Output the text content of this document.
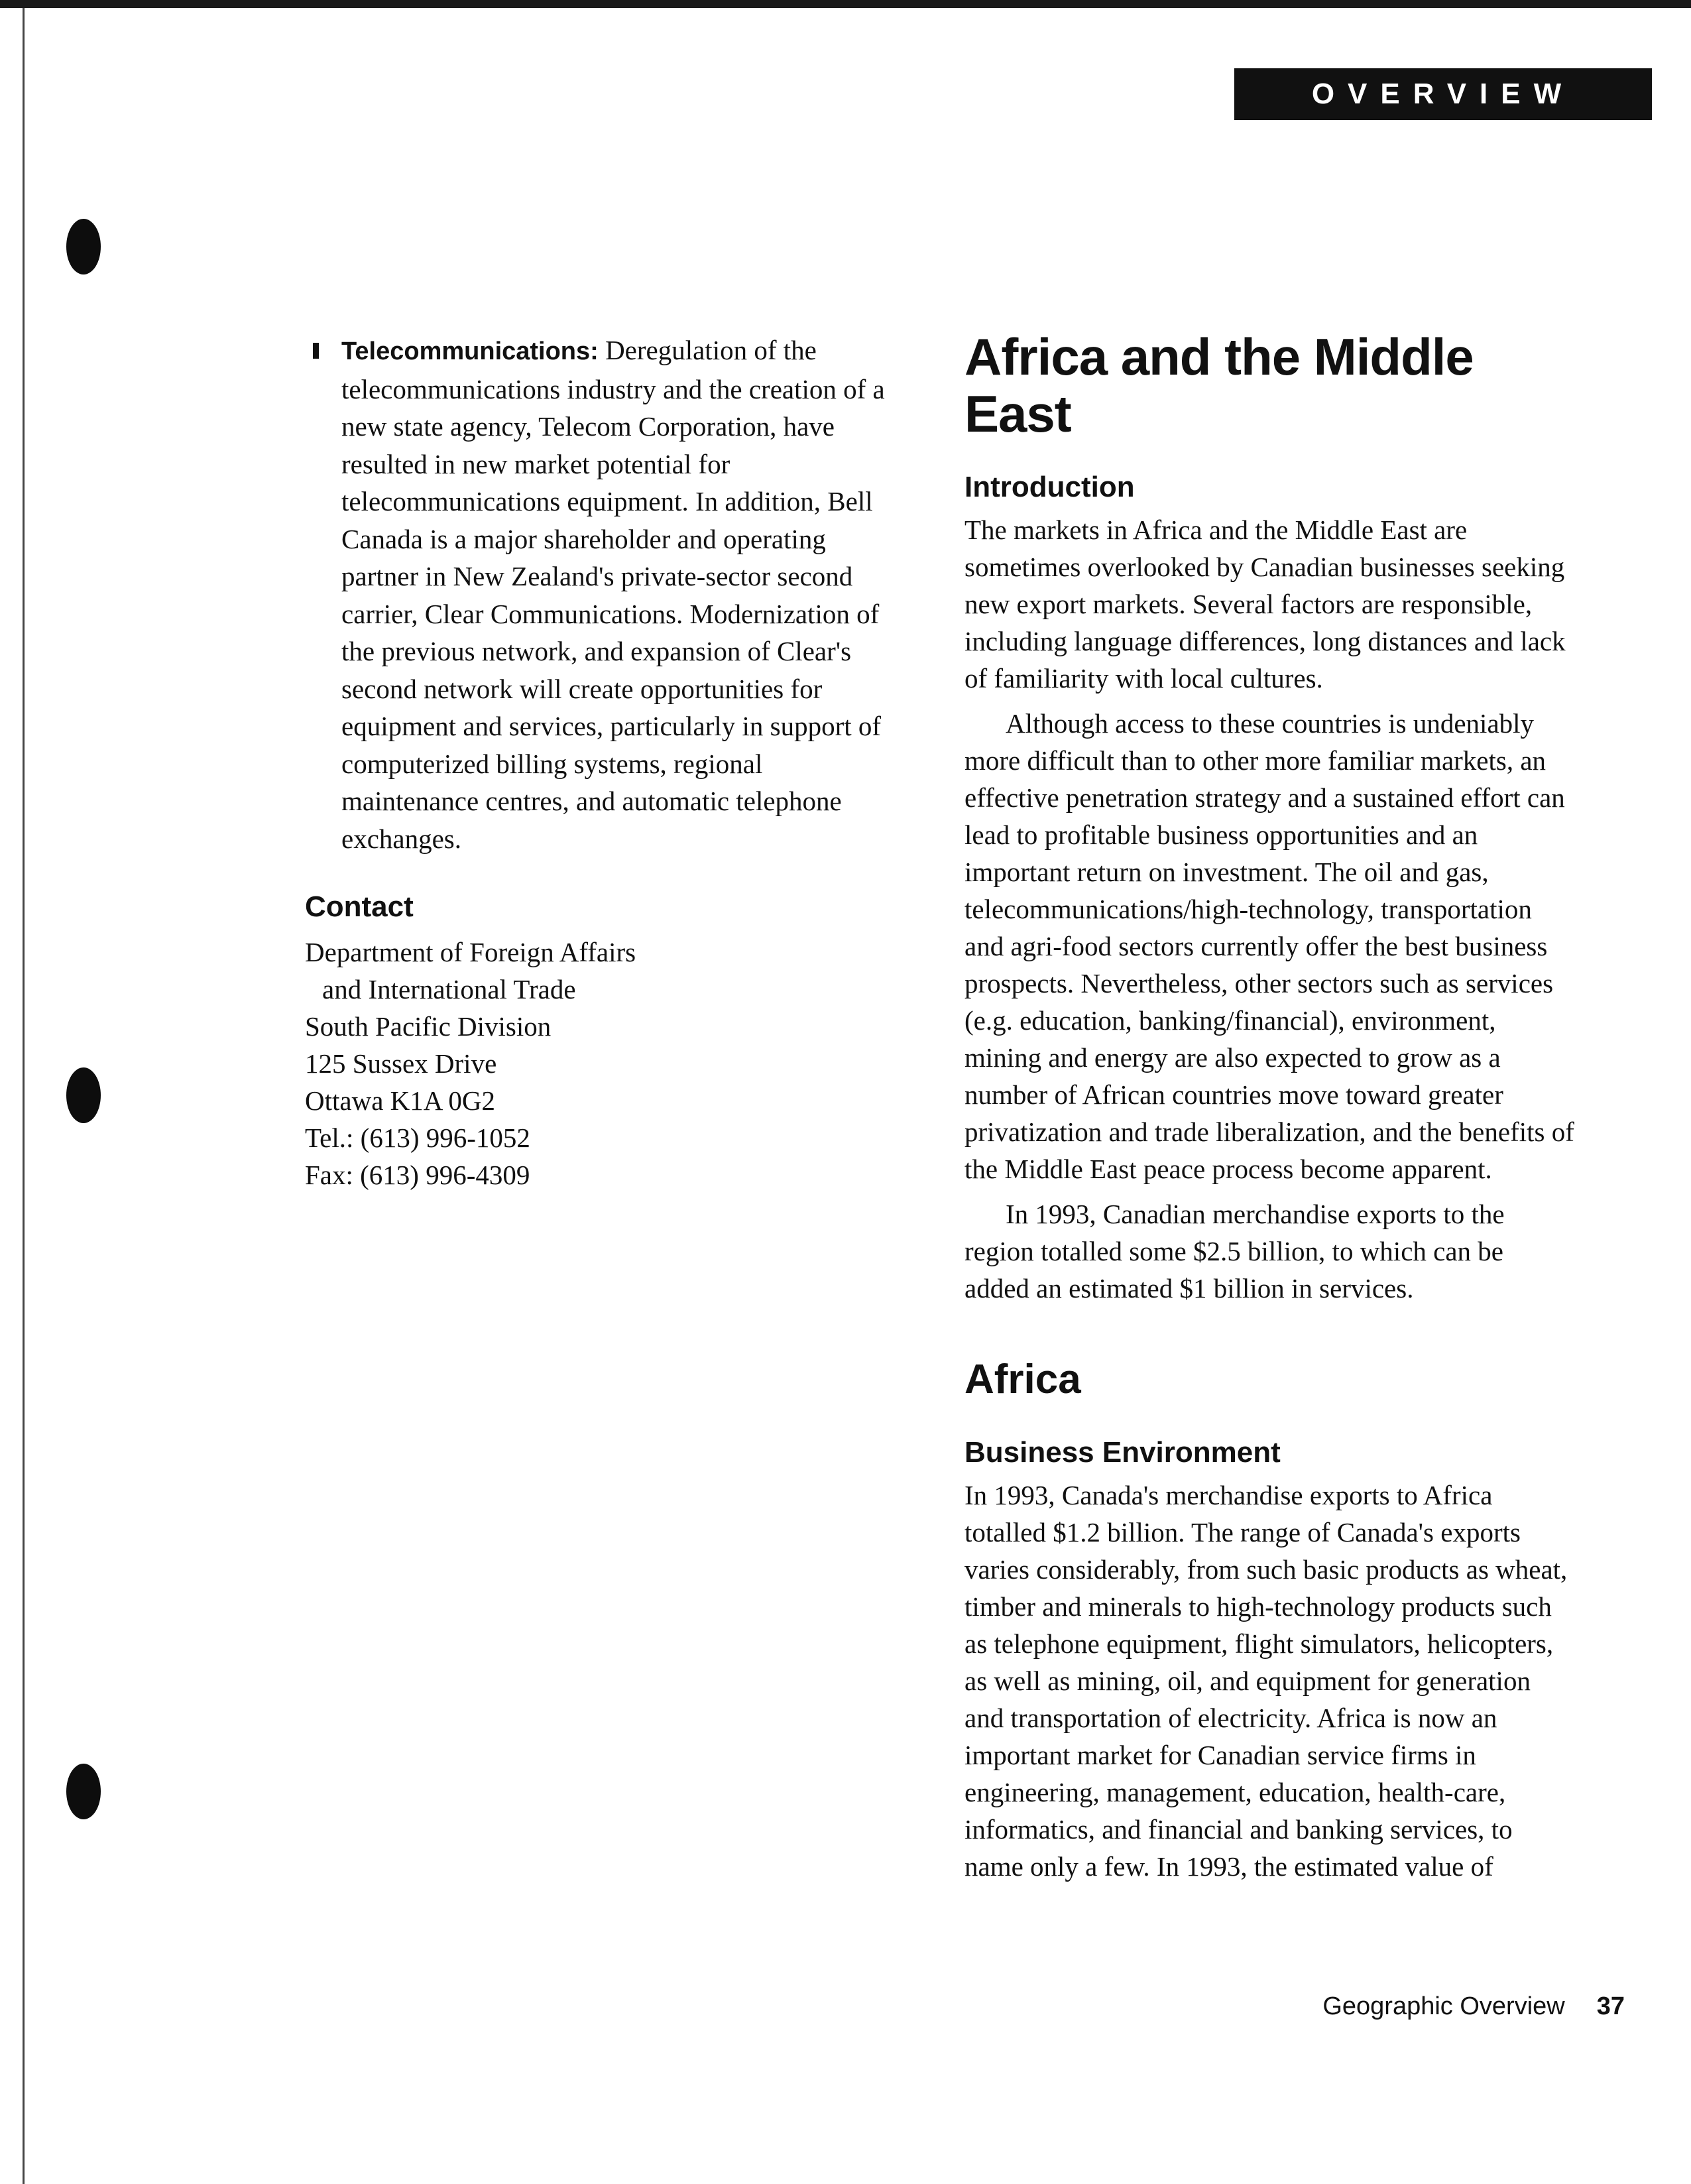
OVERVIEW
Telecommunications: Deregulation of the telecommunications industry and the creation of a new state agency, Telecom Corporation, have resulted in new market potential for telecommunications equipment. In addition, Bell Canada is a major shareholder and operating partner in New Zealand's private-sector second carrier, Clear Communications. Modernization of the previous network, and expansion of Clear's second network will create opportunities for equipment and services, particularly in support of computerized billing systems, regional maintenance centres, and automatic telephone exchanges.
Contact
Department of Foreign Affairs
and International Trade
South Pacific Division
125 Sussex Drive
Ottawa K1A 0G2
Tel.: (613) 996-1052
Fax: (613) 996-4309
Africa and the Middle East
Introduction

The markets in Africa and the Middle East are sometimes overlooked by Canadian businesses seeking new export markets. Several factors are responsible, including language differences, long distances and lack of familiarity with local cultures.

Although access to these countries is undeniably more difficult than to other more familiar markets, an effective penetration strategy and a sustained effort can lead to profitable business opportunities and an important return on investment. The oil and gas, telecommunications/high-technology, transportation and agri-food sectors currently offer the best business prospects. Nevertheless, other sectors such as services (e.g. education, banking/financial), environment, mining and energy are also expected to grow as a number of African countries move toward greater privatization and trade liberalization, and the benefits of the Middle East peace process become apparent.

In 1993, Canadian merchandise exports to the region totalled some $2.5 billion, to which can be added an estimated $1 billion in services.

Africa
Business Environment

In 1993, Canada's merchandise exports to Africa totalled $1.2 billion. The range of Canada's exports varies considerably, from such basic products as wheat, timber and minerals to high-technology products such as telephone equipment, flight simulators, helicopters, as well as mining, oil, and equipment for generation and transportation of electricity. Africa is now an important market for Canadian service firms in engineering, management, education, health-care, informatics, and financial and banking services, to name only a few. In 1993, the estimated value of

Geographic Overview 37
